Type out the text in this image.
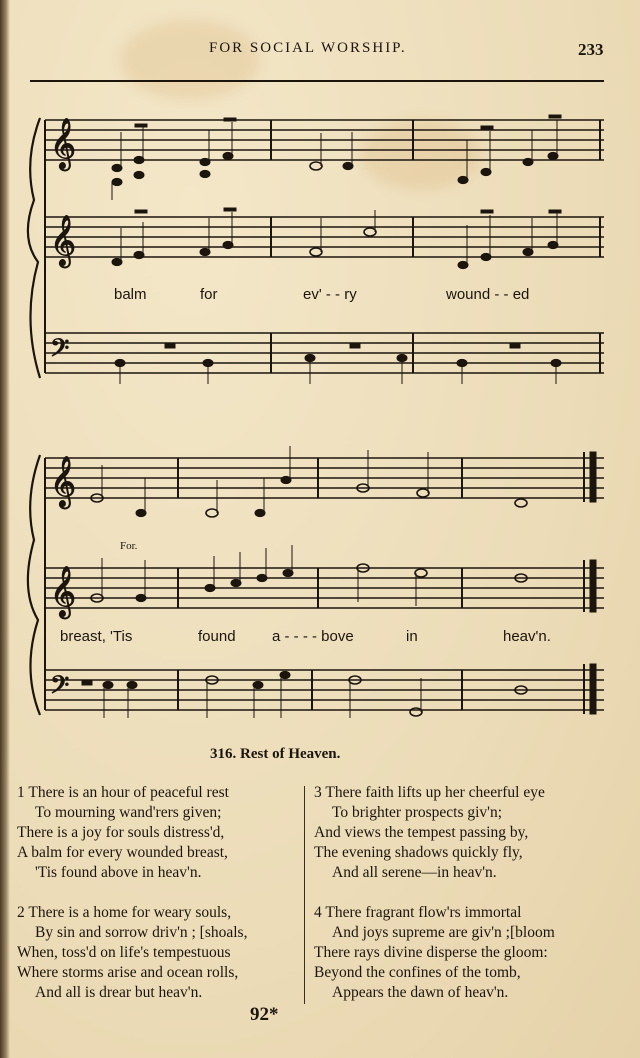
FOR SOCIAL WORSHIP.	233
𝄞
𝄞
𝄢
𝄞
𝄞
𝄢
balm	for	ev' - - ry	wound - - ed
For.
breast, 'Tis	found a - - - - bove	in	heav'n.
316. Rest of Heaven.
1 There is an hour of peaceful rest
To mourning wand'rers given;
There is a joy for souls distress'd,
A balm for every wounded breast,
'Tis found above in heav'n.
2 There is a home for weary souls,
By sin and sorrow driv'n ; [shoals,
When, toss'd on life's tempestuous
Where storms arise and ocean rolls,
And all is drear but heav'n.
3 There faith lifts up her cheerful eye
To brighter prospects giv'n;
And views the tempest passing by,
The evening shadows quickly fly,
And all serene—in heav'n.
4 There fragrant flow'rs immortal
And joys supreme are giv'n ;[bloom
There rays divine disperse the gloom:
Beyond the confines of the tomb,
Appears the dawn of heav'n.
92*
